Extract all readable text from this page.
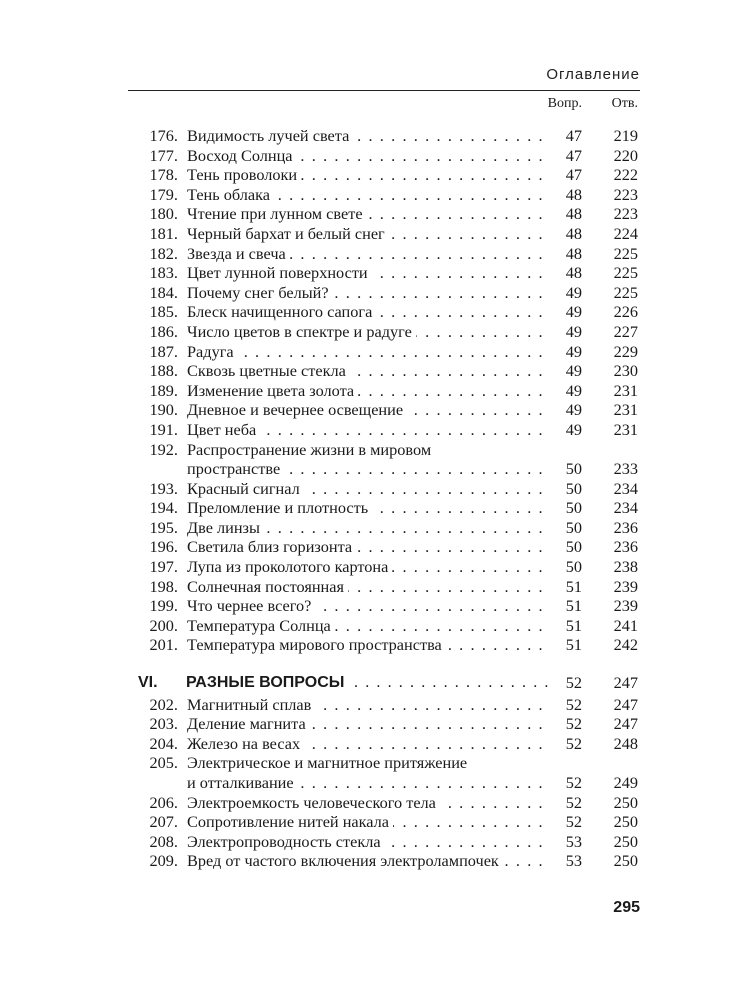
Оглавление
Вопр. Отв.
176. Видимость лучей света . . .	47	219
177. Восход Солнца . . .	47	220
178. Тень проволоки . . .	47	222
179. Тень облака . . .	48	223
180. Чтение при лунном свете . . .	48	223
181. Черный бархат и белый снег . . .	48	224
182. Звезда и свеча . . .	48	225
183. Цвет лунной поверхности . . .	48	225
184. Почему снег белый? . . .	49	225
185. Блеск начищенного сапога . . .	49	226
186. Число цветов в спектре и радуге . . .	49	227
187. Радуга . . .	49	229
188. Сквозь цветные стекла . . .	49	230
189. Изменение цвета золота . . .	49	231
190. Дневное и вечернее освещение . . .	49	231
191. Цвет неба . . .	49	231
192. Распространение жизни в мировом
пространстве . . .	50	233
193. Красный сигнал . . .	50	234
194. Преломление и плотность . . .	50	234
195. Две линзы . . .	50	236
196. Светила близ горизонта . . .	50	236
197. Лупа из проколотого картона . . .	50	238
198. Солнечная постоянная . . .	51	239
199. Что чернее всего? . . .	51	239
200. Температура Солнца . . .	51	241
201. Температура мирового пространства . . .	51	242
VI. РАЗНЫЕ ВОПРОСЫ . . .	52	247
202. Магнитный сплав . . .	52	247
203. Деление магнита . . .	52	247
204. Железо на весах . . .	52	248
205. Электрическое и магнитное притяжение
и отталкивание . . .	52	249
206. Электроемкость человеческого тела . . .	52	250
207. Сопротивление нитей накала . . .	52	250
208. Электропроводность стекла . . .	53	250
209. Вред от частого включения электролампочек . . .	53	250
295
